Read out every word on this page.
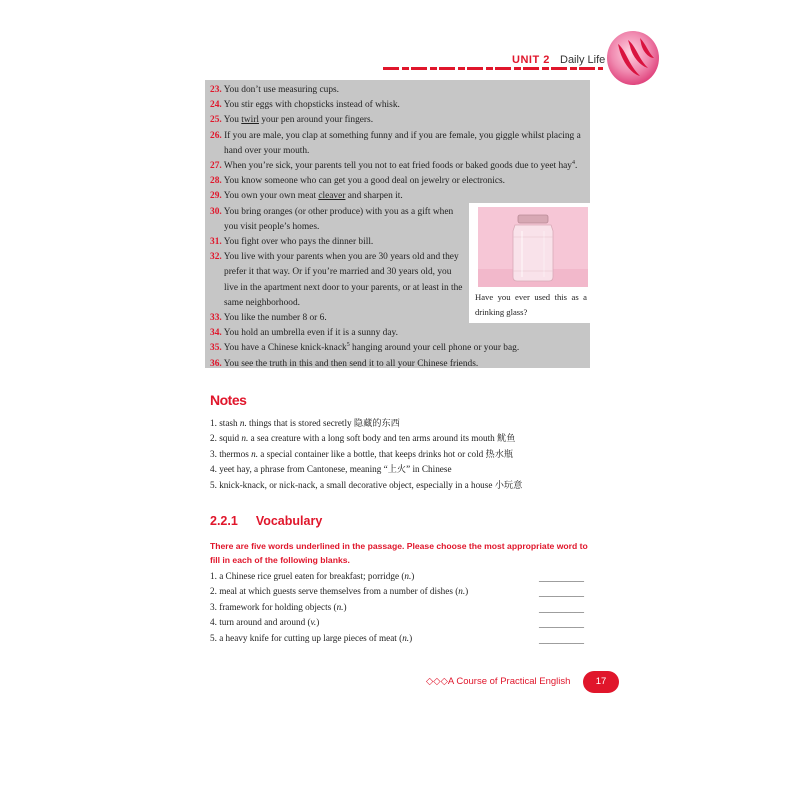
UNIT 2 Daily Life
23. You don’t use measuring cups.
24. You stir eggs with chopsticks instead of whisk.
25. You twirl your pen around your fingers.
26. If you are male, you clap at something funny and if you are female, you giggle whilst placing a
hand over your mouth.
27. When you’re sick, your parents tell you not to eat fried foods or baked goods due to yeet hay$^4$.
28. You know someone who can get you a good deal on jewelry or electronics.
29. You own your own meat cleaver and sharpen it.
30. You bring oranges (or other produce) with you as a gift when
you visit people’s homes.
31. You fight over who pays the dinner bill.
32. You live with your parents when you are 30 years old and they
prefer it that way. Or if you’re married and 30 years old, you
live in the apartment next door to your parents, or at least in the
same neighborhood.
33. You like the number 8 or 6.
34. You hold an umbrella even if it is a sunny day.
35. You have a Chinese knick-knack$^5$ hanging around your cell phone or your bag.
36. You see the truth in this and then send it to all your Chinese friends.
Have you ever used this as a drinking glass?
Notes
1. stash n. things that is stored secretly 隐藏的东西
2. squid n. a sea creature with a long soft body and ten arms around its mouth 鱿鱼
3. thermos n. a special container like a bottle, that keeps drinks hot or cold 热水瓶
4. yeet hay, a phrase from Cantonese, meaning “上火” in Chinese
5. knick-knack, or nick-nack, a small decorative object, especially in a house 小玩意
2.2.1 Vocabulary
There are five words underlined in the passage. Please choose the most appropriate word to fill in each of the following blanks.
1. a Chinese rice gruel eaten for breakfast; porridge (n.)	__________
2. meal at which guests serve themselves from a number of dishes (n.)	__________
3. framework for holding objects (n.)	__________
4. turn around and around (v.)	__________
5. a heavy knife for cutting up large pieces of meat (n.)	__________
◇◇◇A Course of Practical English	17
